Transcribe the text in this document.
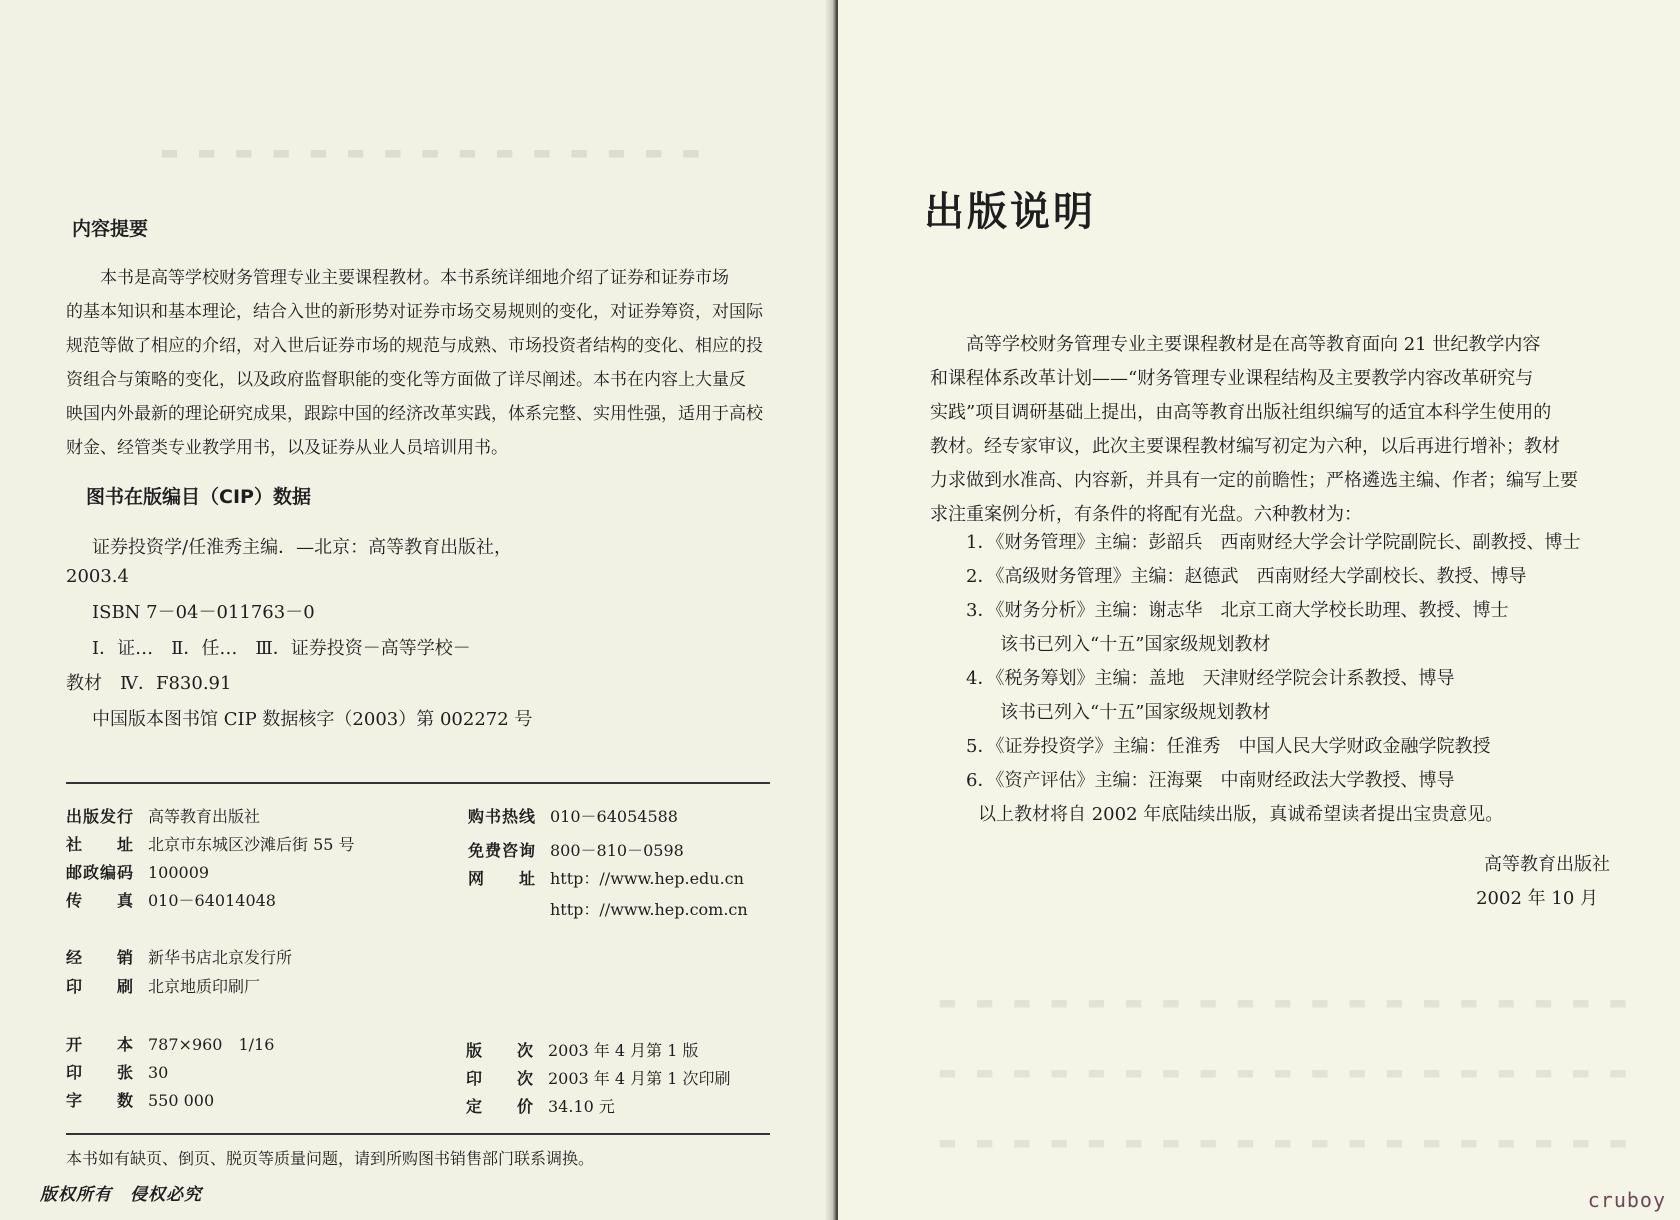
▬ ▬ ▬ ▬ ▬ ▬ ▬ ▬ ▬ ▬ ▬ ▬ ▬ ▬ ▬
内容提要
本书是高等学校财务管理专业主要课程教材。本书系统详细地介绍了证券和证券市场
的基本知识和基本理论，结合入世的新形势对证券市场交易规则的变化，对证券筹资，对国际
规范等做了相应的介绍，对入世后证券市场的规范与成熟、市场投资者结构的变化、相应的投
资组合与策略的变化，以及政府监督职能的变化等方面做了详尽阐述。本书在内容上大量反
映国内外最新的理论研究成果，跟踪中国的经济改革实践，体系完整、实用性强，适用于高校
财金、经管类专业教学用书，以及证券从业人员培训用书。
图书在版编目（CIP）数据
证券投资学/任淮秀主编．—北京：高等教育出版社，
2003.4
ISBN 7－04－011763－0
Ⅰ．证…　Ⅱ．任…　Ⅲ．证券投资－高等学校－
教材　Ⅳ．F830.91
中国版本图书馆 CIP 数据核字（2003）第 002272 号
出版发行 高等教育出版社
社　　址 北京市东城区沙滩后街 55 号
邮政编码 100009
传　　真 010－64014048
购书热线 010－64054588
免费咨询 800－810－0598
网　　址 http：//www.hep.edu.cn
http：//www.hep.com.cn
经　　销 新华书店北京发行所
印　　刷 北京地质印刷厂
开　　本 787×960　1/16
印　　张 30
字　　数 550 000
版　　次 2003 年 4 月第 1 版
印　　次 2003 年 4 月第 1 次印刷
定　　价 34.10 元
本书如有缺页、倒页、脱页等质量问题，请到所购图书销售部门联系调换。
版权所有　侵权必究
出版说明
高等学校财务管理专业主要课程教材是在高等教育面向 21 世纪教学内容
和课程体系改革计划——“财务管理专业课程结构及主要教学内容改革研究与
实践”项目调研基础上提出，由高等教育出版社组织编写的适宜本科学生使用的
教材。经专家审议，此次主要课程教材编写初定为六种，以后再进行增补；教材
力求做到水准高、内容新，并具有一定的前瞻性；严格遴选主编、作者；编写上要
求注重案例分析，有条件的将配有光盘。六种教材为：
1．《财务管理》主编：彭韶兵　西南财经大学会计学院副院长、副教授、博士
2．《高级财务管理》主编：赵德武　西南财经大学副校长、教授、博导
3．《财务分析》主编：谢志华　北京工商大学校长助理、教授、博士
该书已列入“十五”国家级规划教材
4．《税务筹划》主编：盖地　天津财经学院会计系教授、博导
该书已列入“十五”国家级规划教材
5．《证券投资学》主编：任淮秀　中国人民大学财政金融学院教授
6．《资产评估》主编：汪海粟　中南财经政法大学教授、博导
以上教材将自 2002 年底陆续出版，真诚希望读者提出宝贵意见。
高等教育出版社
2002 年 10 月
▬ ▬ ▬ ▬ ▬ ▬ ▬ ▬ ▬ ▬ ▬ ▬ ▬ ▬ ▬ ▬ ▬ ▬ ▬
▬ ▬ ▬ ▬ ▬ ▬ ▬ ▬ ▬ ▬ ▬ ▬ ▬ ▬ ▬ ▬ ▬ ▬ ▬
▬ ▬ ▬ ▬ ▬ ▬ ▬ ▬ ▬ ▬ ▬ ▬ ▬ ▬ ▬ ▬ ▬ ▬ ▬
cruboy
